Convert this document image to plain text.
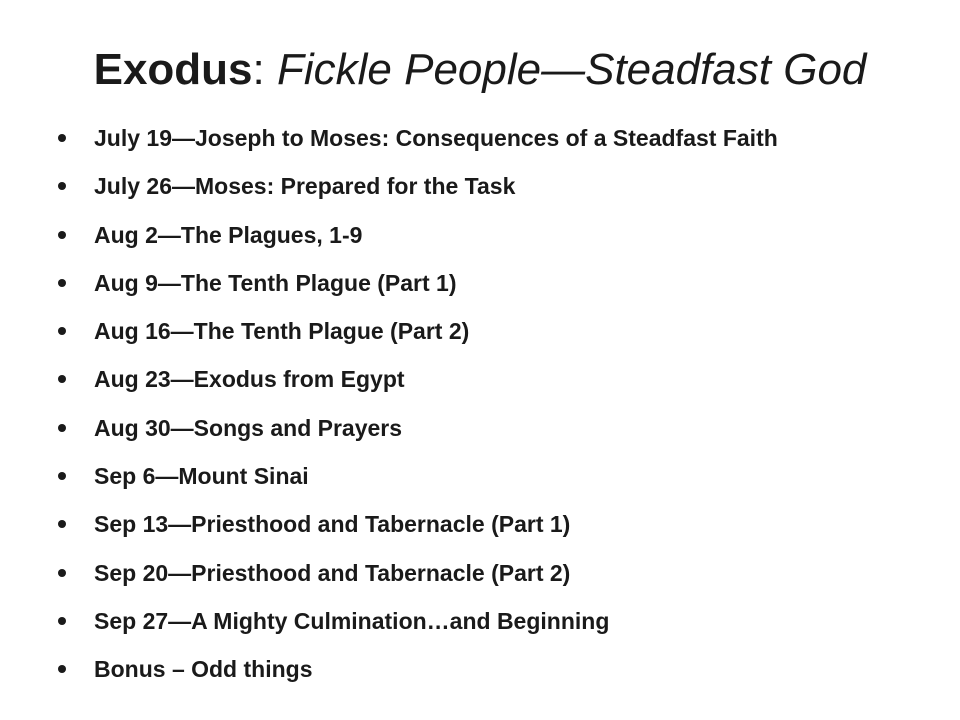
Exodus: Fickle People—Steadfast God
July 19—Joseph to Moses: Consequences of a Steadfast Faith
July 26—Moses: Prepared for the Task
Aug 2—The Plagues, 1-9
Aug 9—The Tenth Plague (Part 1)
Aug 16—The Tenth Plague (Part 2)
Aug 23—Exodus from Egypt
Aug 30—Songs and Prayers
Sep 6—Mount Sinai
Sep 13—Priesthood and Tabernacle (Part 1)
Sep 20—Priesthood and Tabernacle (Part 2)
Sep 27—A Mighty Culmination…and Beginning
Bonus – Odd things
